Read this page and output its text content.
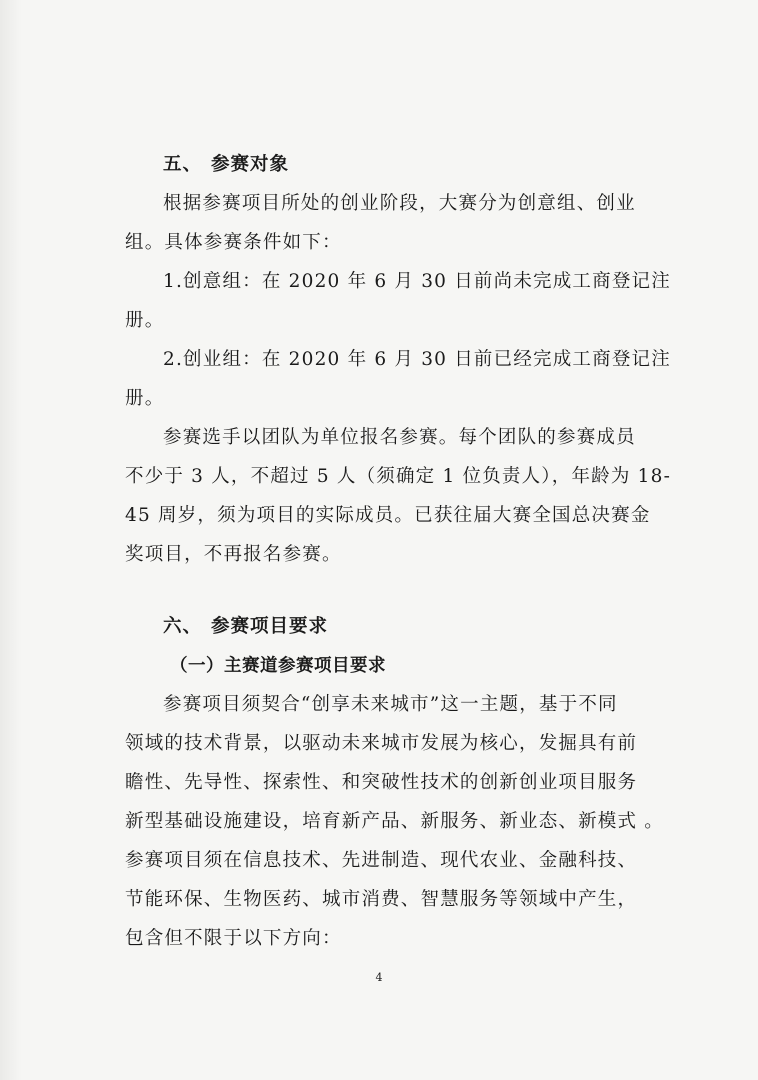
五、 参赛对象
根据参赛项目所处的创业阶段，大赛分为创意组、创业
组。具体参赛条件如下：
1.创意组：在 2020 年 6 月 30 日前尚未完成工商登记注
册。
2.创业组：在 2020 年 6 月 30 日前已经完成工商登记注
册。
参赛选手以团队为单位报名参赛。每个团队的参赛成员
不少于 3 人，不超过 5 人（须确定 1 位负责人），年龄为 18-
45 周岁，须为项目的实际成员。已获往届大赛全国总决赛金
奖项目，不再报名参赛。
六、 参赛项目要求
（一）主赛道参赛项目要求
参赛项目须契合“创享未来城市”这一主题，基于不同
领域的技术背景，以驱动未来城市发展为核心，发掘具有前
瞻性、先导性、探索性、和突破性技术的创新创业项目服务
新型基础设施建设，培育新产品、新服务、新业态、新模式 。
参赛项目须在信息技术、先进制造、现代农业、金融科技、
节能环保、生物医药、城市消费、智慧服务等领域中产生，
包含但不限于以下方向：
4
